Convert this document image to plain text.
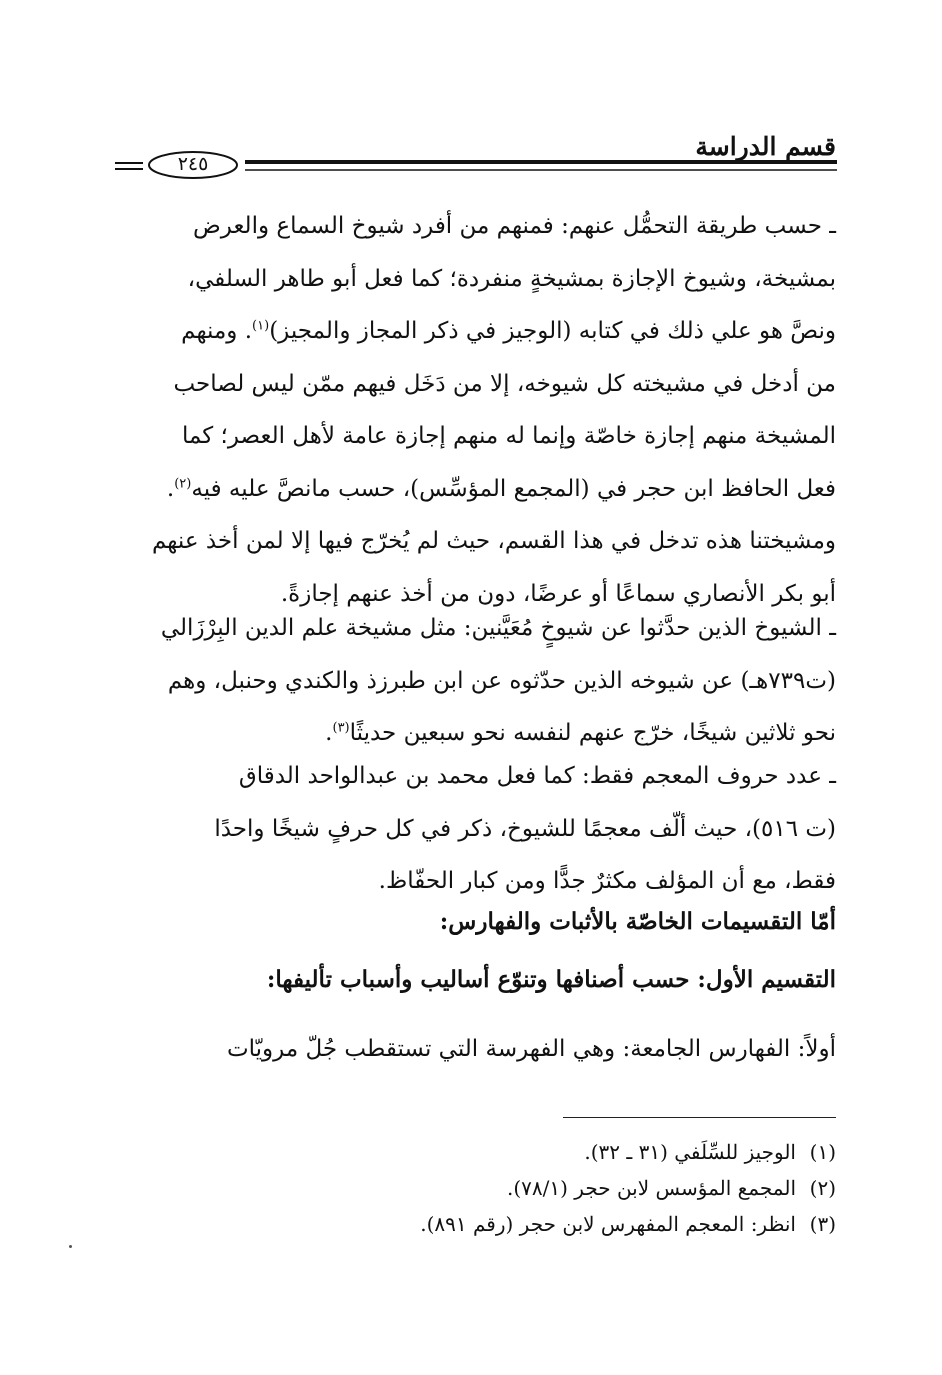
قسم الدراسة
٢٤٥
ـ حسب طريقة التحمُّل عنهم: فمنهم من أفرد شيوخ السماع والعرض
بمشيخة، وشيوخ الإجازة بمشيخةٍ منفردة؛ كما فعل أبو طاهر السلفي،
ونصَّ هو علي ذلك في كتابه (الوجيز في ذكر المجاز والمجيز)$^{(١)}$. ومنهم
من أدخل في مشيخته كل شيوخه، إلا من دَخَل فيهم ممّن ليس لصاحب
المشيخة منهم إجازة خاصّة وإنما له منهم إجازة عامة لأهل العصر؛ كما
فعل الحافظ ابن حجر في (المجمع المؤسِّس)، حسب مانصَّ عليه فيه$^{(٢)}$.
ومشيختنا هذه تدخل في هذا القسم، حيث لم يُخرّج فيها إلا لمن أخذ عنهم
أبو بكر الأنصاري سماعًا أو عرضًا، دون من أخذ عنهم إجازةً.
ـ الشيوخ الذين حدَّثوا عن شيوخٍ مُعَيَّنين: مثل مشيخة علم الدين البِرْزَالي
(ت٧٣٩هـ) عن شيوخه الذين حدّثوه عن ابن طبرزذ والكندي وحنبل، وهم
نحو ثلاثين شيخًا، خرّج عنهم لنفسه نحو سبعين حديثًا$^{(٣)}$.
ـ عدد حروف المعجم فقط: كما فعل محمد بن عبدالواحد الدقاق
(ت ٥١٦)، حيث ألّف معجمًا للشيوخ، ذكر في كل حرفٍ شيخًا واحدًا
فقط، مع أن المؤلف مكثرٌ جدًّا ومن كبار الحفّاظ.
أمّا التقسيمات الخاصّة بالأثبات والفهارس:
التقسيم الأول: حسب أصنافها وتنوّع أساليب وأسباب تأليفها:
أولاً: الفهارس الجامعة: وهي الفهرسة التي تستقطب جُلّ مرويّات
(١)الوجيز للسِّلَفي (٣١ ـ ٣٢).
(٢)المجمع المؤسس لابن حجر (٧٨/١).
(٣)انظر: المعجم المفهرس لابن حجر (رقم ٨٩١).
